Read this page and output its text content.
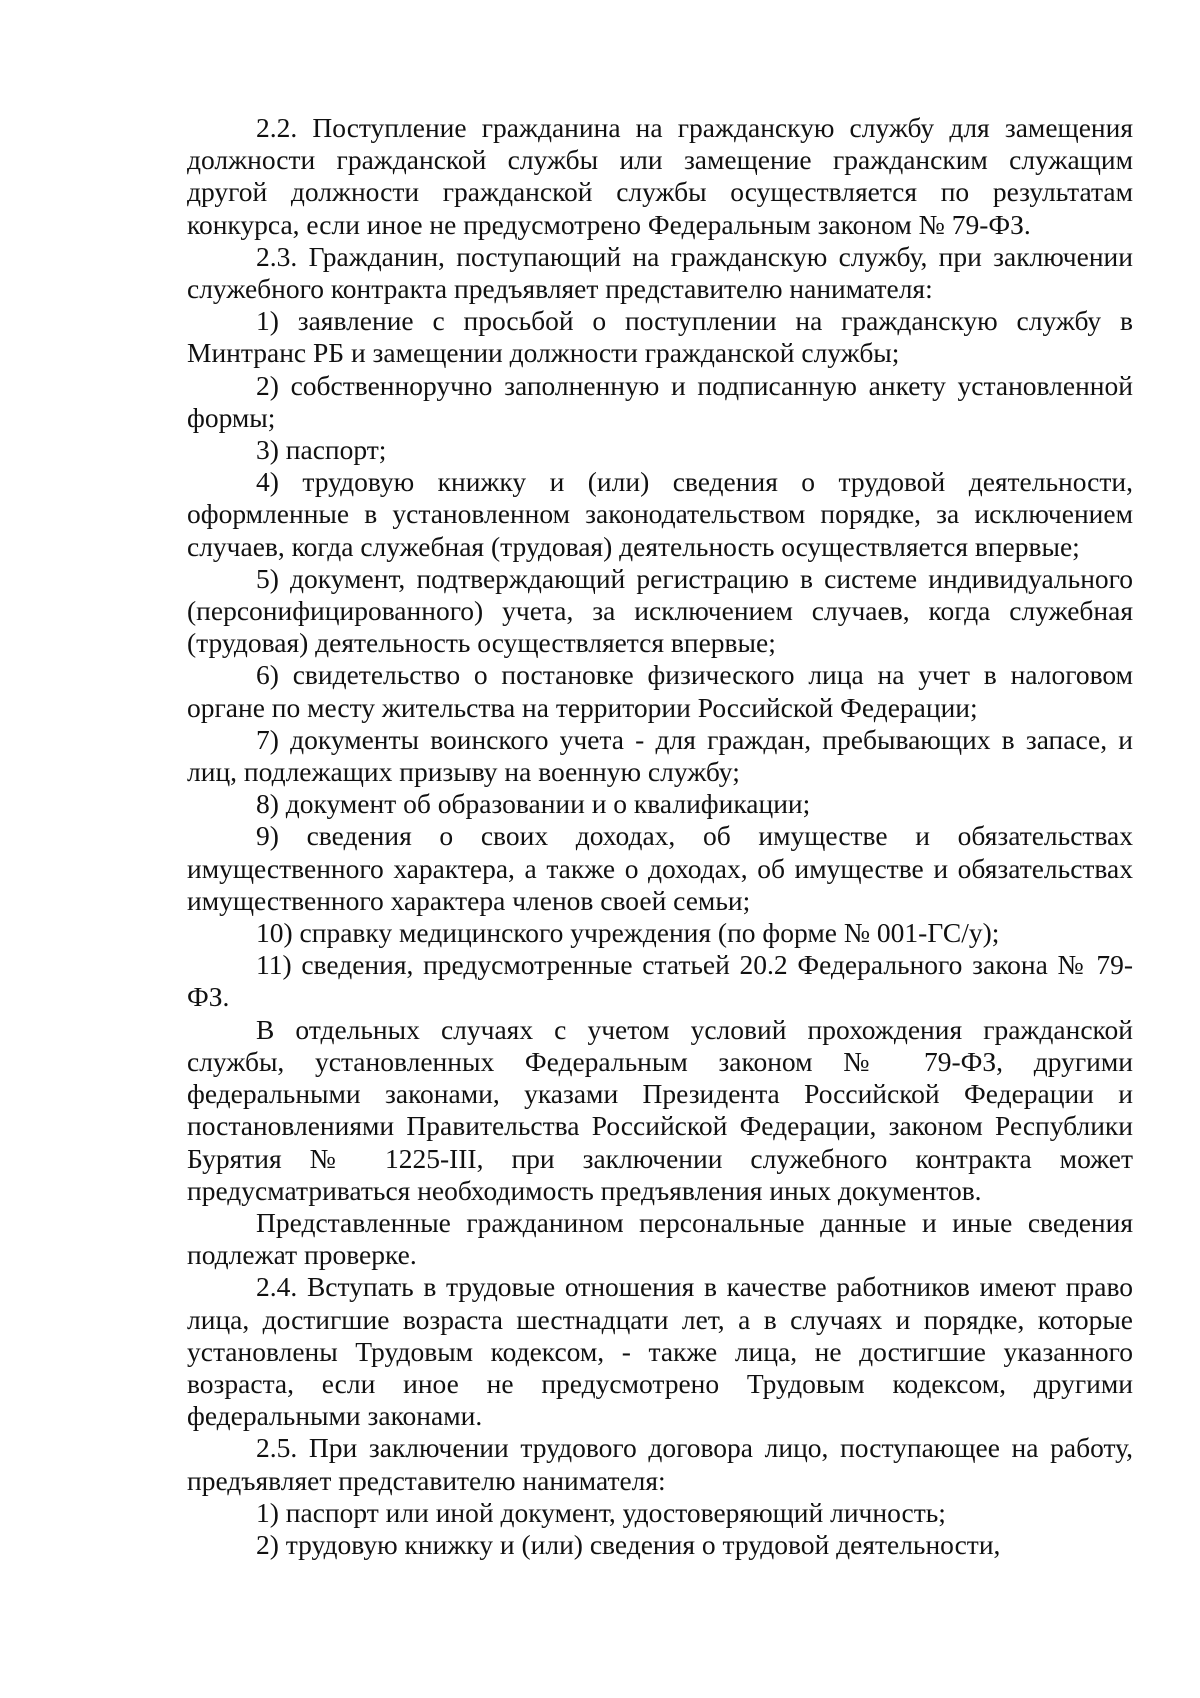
2.2. Поступление гражданина на гражданскую службу для замещения должности гражданской службы или замещение гражданским служащим другой должности гражданской службы осуществляется по результатам конкурса, если иное не предусмотрено Федеральным законом № 79-ФЗ.

2.3. Гражданин, поступающий на гражданскую службу, при заключении служебного контракта предъявляет представителю нанимателя:

1) заявление с просьбой о поступлении на гражданскую службу в Минтранс РБ и замещении должности гражданской службы;

2) собственноручно заполненную и подписанную анкету установленной формы;

3) паспорт;

4) трудовую книжку и (или) сведения о трудовой деятельности, оформленные в установленном законодательством порядке, за исключением случаев, когда служебная (трудовая) деятельность осуществляется впервые;

5) документ, подтверждающий регистрацию в системе индивидуального (персонифицированного) учета, за исключением случаев, когда служебная (трудовая) деятельность осуществляется впервые;

6) свидетельство о постановке физического лица на учет в налоговом органе по месту жительства на территории Российской Федерации;

7) документы воинского учета - для граждан, пребывающих в запасе, и лиц, подлежащих призыву на военную службу;

8) документ об образовании и о квалификации;

9) сведения о своих доходах, об имуществе и обязательствах имущественного характера, а также о доходах, об имуществе и обязательствах имущественного характера членов своей семьи;

10) справку медицинского учреждения (по форме № 001-ГС/у);

11) сведения, предусмотренные статьей 20.2 Федерального закона № 79-ФЗ.

В отдельных случаях с учетом условий прохождения гражданской службы, установленных Федеральным законом № 79-ФЗ, другими федеральными законами, указами Президента Российской Федерации и постановлениями Правительства Российской Федерации, законом Республики Бурятия № 1225-III, при заключении служебного контракта может предусматриваться необходимость предъявления иных документов.

Представленные гражданином персональные данные и иные сведения подлежат проверке.

2.4. Вступать в трудовые отношения в качестве работников имеют право лица, достигшие возраста шестнадцати лет, а в случаях и порядке, которые установлены Трудовым кодексом, - также лица, не достигшие указанного возраста, если иное не предусмотрено Трудовым кодексом, другими федеральными законами.

2.5. При заключении трудового договора лицо, поступающее на работу, предъявляет представителю нанимателя:

1) паспорт или иной документ, удостоверяющий личность;

2) трудовую книжку и (или) сведения о трудовой деятельности,
